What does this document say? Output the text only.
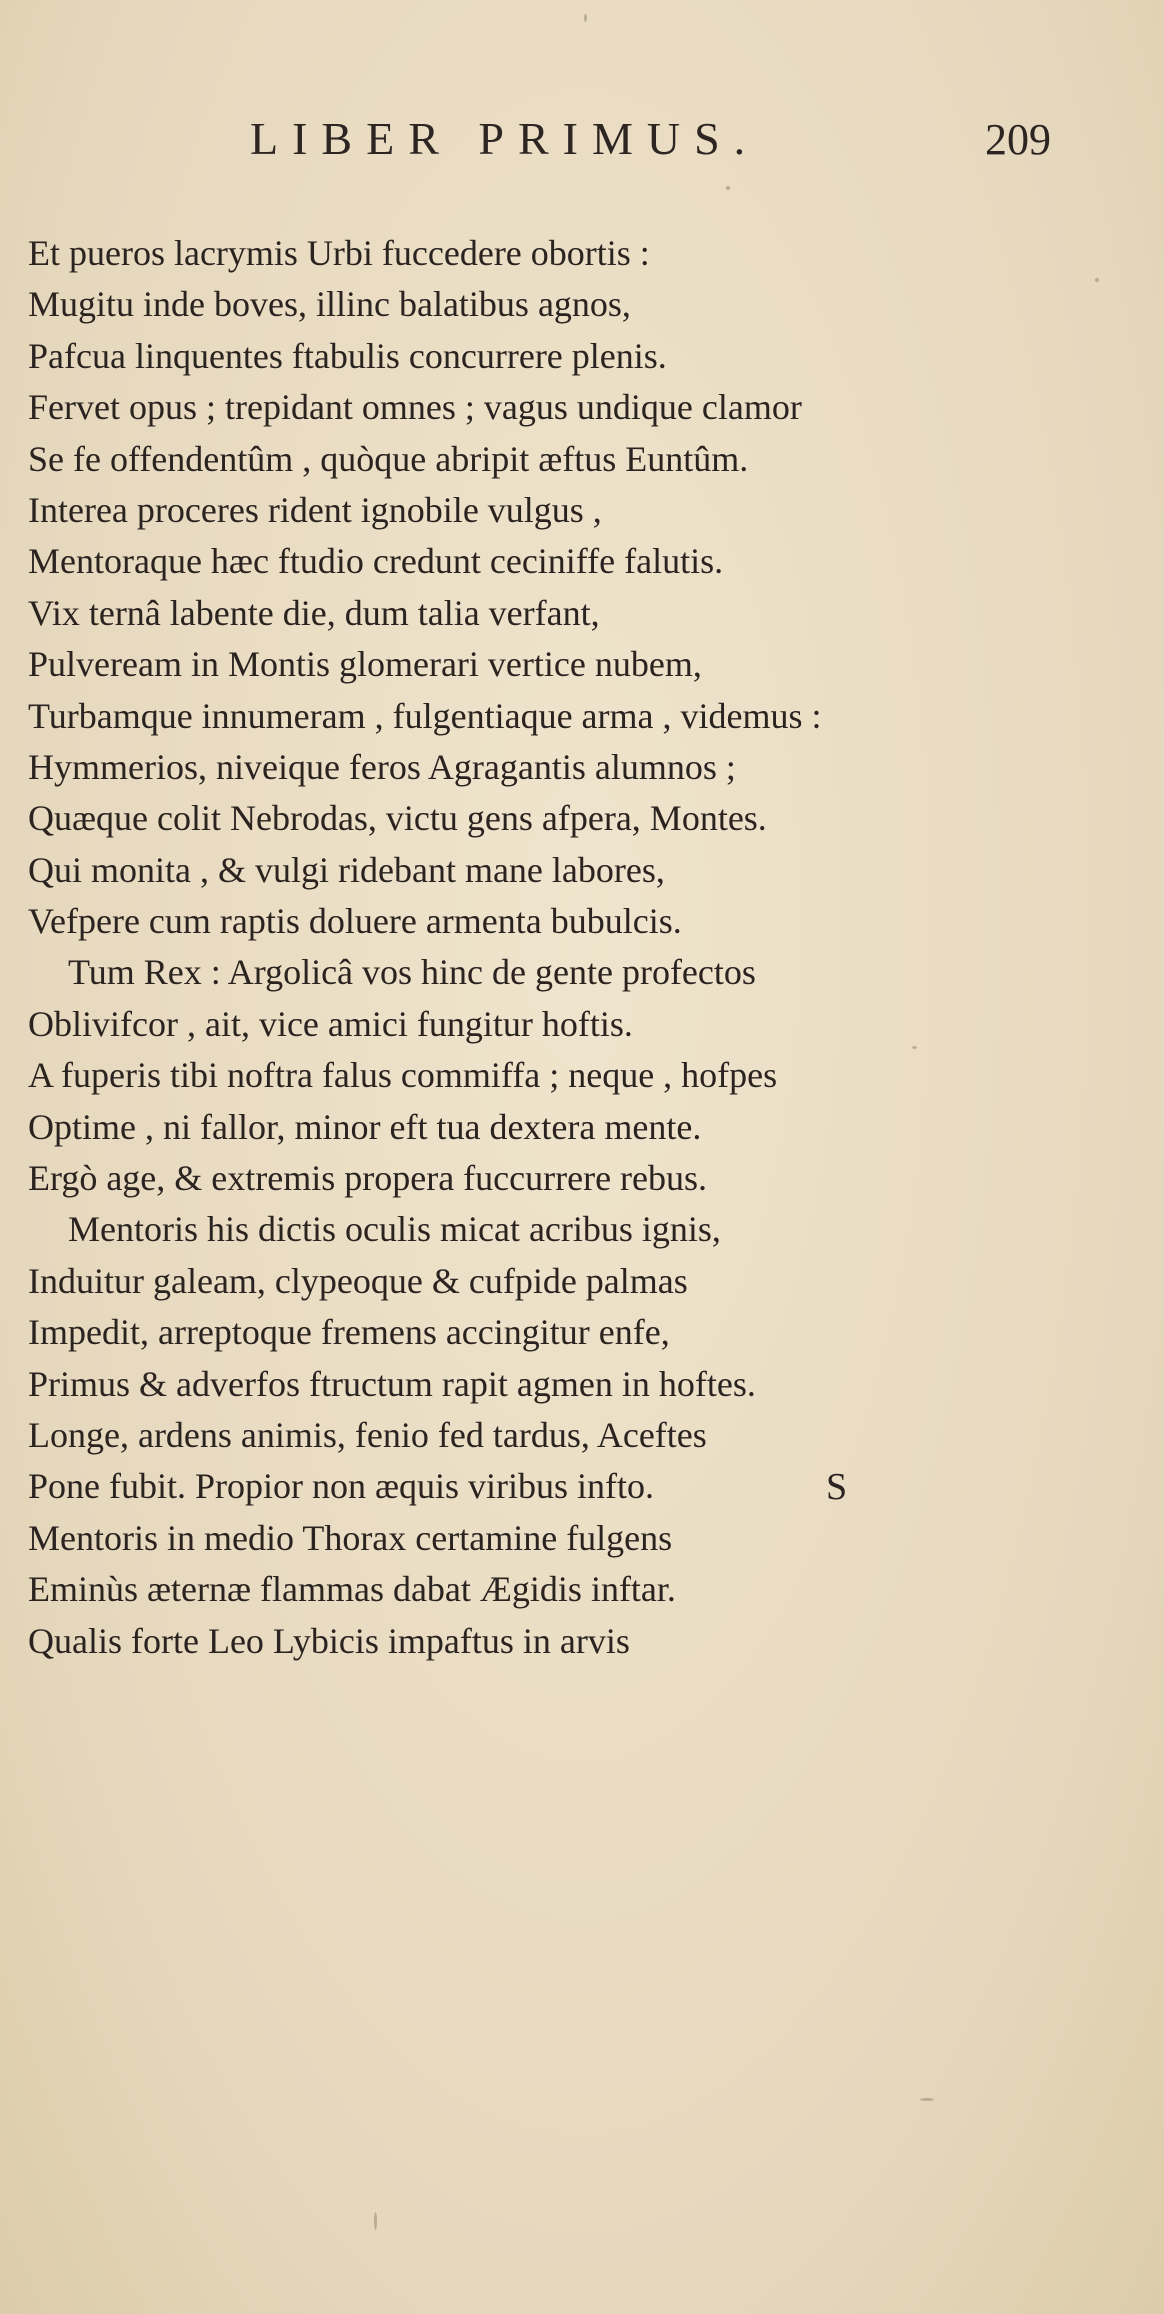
LIBER PRIMUS.	209
Et pueros lacrymis Urbi fuccedere obortis :
Mugitu inde boves, illinc balatibus agnos,
Pafcua linquentes ftabulis concurrere plenis.
Fervet opus ; trepidant omnes ; vagus undique clamor
Se fe offendentûm , quòque abripit æftus Euntûm.
Interea proceres rident ignobile vulgus ,
Mentoraque hæc ftudio credunt ceciniffe falutis.
Vix ternâ labente die, dum talia verfant,
Pulveream in Montis glomerari vertice nubem,
Turbamque innumeram , fulgentiaque arma , videmus :
Hymmerios, niveique feros Agragantis alumnos ;
Quæque colit Nebrodas, victu gens afpera, Montes.
Qui monita , & vulgi ridebant mane labores,
Vefpere cum raptis doluere armenta bubulcis.
Tum Rex : Argolicâ vos hinc de gente profectos
Oblivifcor , ait, vice amici fungitur hoftis.
A fuperis tibi noftra falus commiffa ; neque , hofpes
Optime , ni fallor, minor eft tua dextera mente.
Ergò age, & extremis propera fuccurrere rebus.
Mentoris his dictis oculis micat acribus ignis,
Induitur galeam, clypeoque & cufpide palmas
Impedit, arreptoque fremens accingitur enfe,
Primus & adverfos ftructum rapit agmen in hoftes.
Longe, ardens animis, fenio fed tardus, Aceftes
Pone fubit. Propior non æquis viribus infto.
Mentoris in medio Thorax certamine fulgens
Eminùs æternæ flammas dabat Ægidis inftar.
Qualis forte Leo Lybicis impaftus in arvis
S
